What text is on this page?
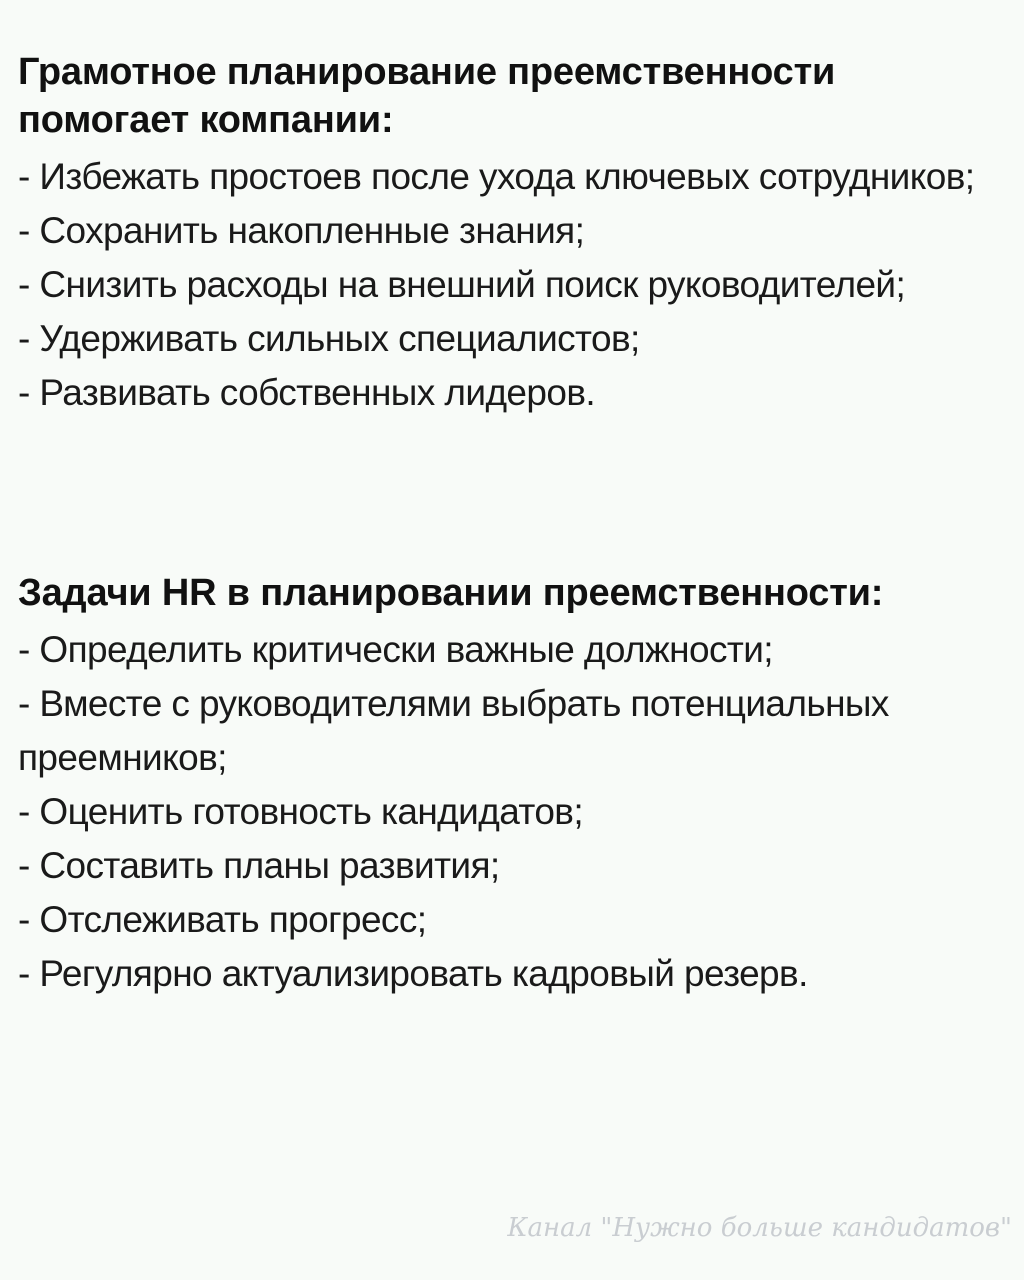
Грамотное планирование преемственности помогает компании:
- Избежать простоев после ухода ключевых сотрудников;
- Сохранить накопленные знания;
- Снизить расходы на внешний поиск руководителей;
- Удерживать сильных специалистов;
- Развивать собственных лидеров.
Задачи HR в планировании преемственности:
- Определить критически важные должности;
- Вместе с руководителями выбрать потенциальных преемников;
- Оценить готовность кандидатов;
- Составить планы развития;
- Отслеживать прогресс;
- Регулярно актуализировать кадровый резерв.
Канал "Нужно больше кандидатов"
